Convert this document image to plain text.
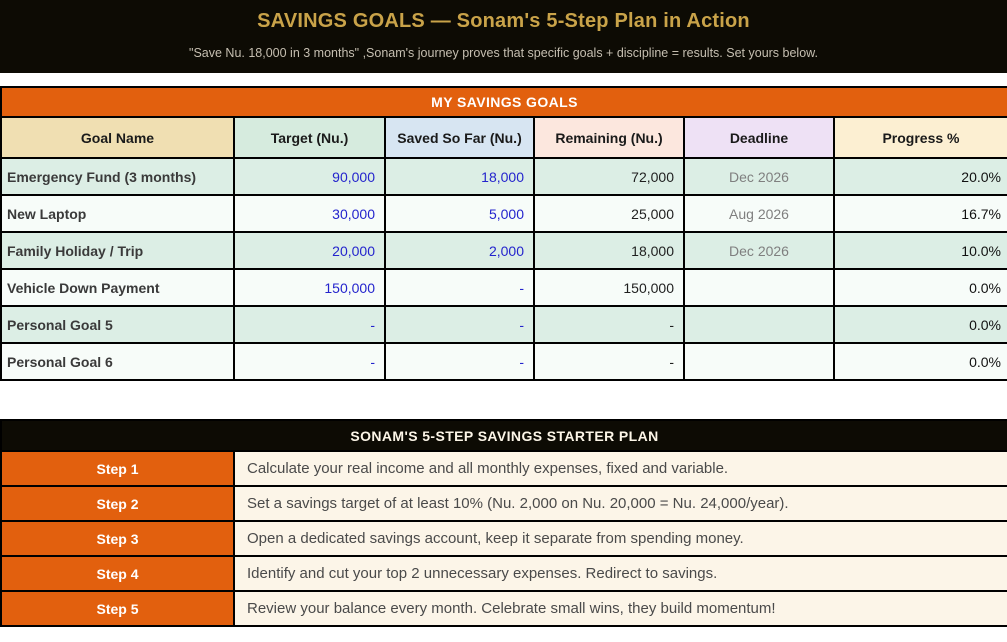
SAVINGS GOALS — Sonam's 5-Step Plan in Action
"Save Nu. 18,000 in 3 months" ,Sonam's journey proves that specific goals + discipline = results. Set yours below.
MY SAVINGS GOALS					
Goal Name	Target (Nu.)	Saved So Far (Nu.)	Remaining (Nu.)	Deadline	Progress %
Emergency Fund (3 months)	90,000	18,000	72,000	Dec 2026	20.0%
New Laptop	30,000	5,000	25,000	Aug 2026	16.7%
Family Holiday / Trip	20,000	2,000	18,000	Dec 2026	10.0%
Vehicle Down Payment	150,000	-	150,000		0.0%
Personal Goal 5	-	-	-		0.0%
Personal Goal 6	-	-	-		0.0%
SONAM'S 5-STEP SAVINGS STARTER PLAN	
Step 1	Calculate your real income and all monthly expenses, fixed and variable.
Step 2	Set a savings target of at least 10% (Nu. 2,000 on Nu. 20,000 = Nu. 24,000/year).
Step 3	Open a dedicated savings account, keep it separate from spending money.
Step 4	Identify and cut your top 2 unnecessary expenses. Redirect to savings.
Step 5	Review your balance every month. Celebrate small wins, they build momentum!
